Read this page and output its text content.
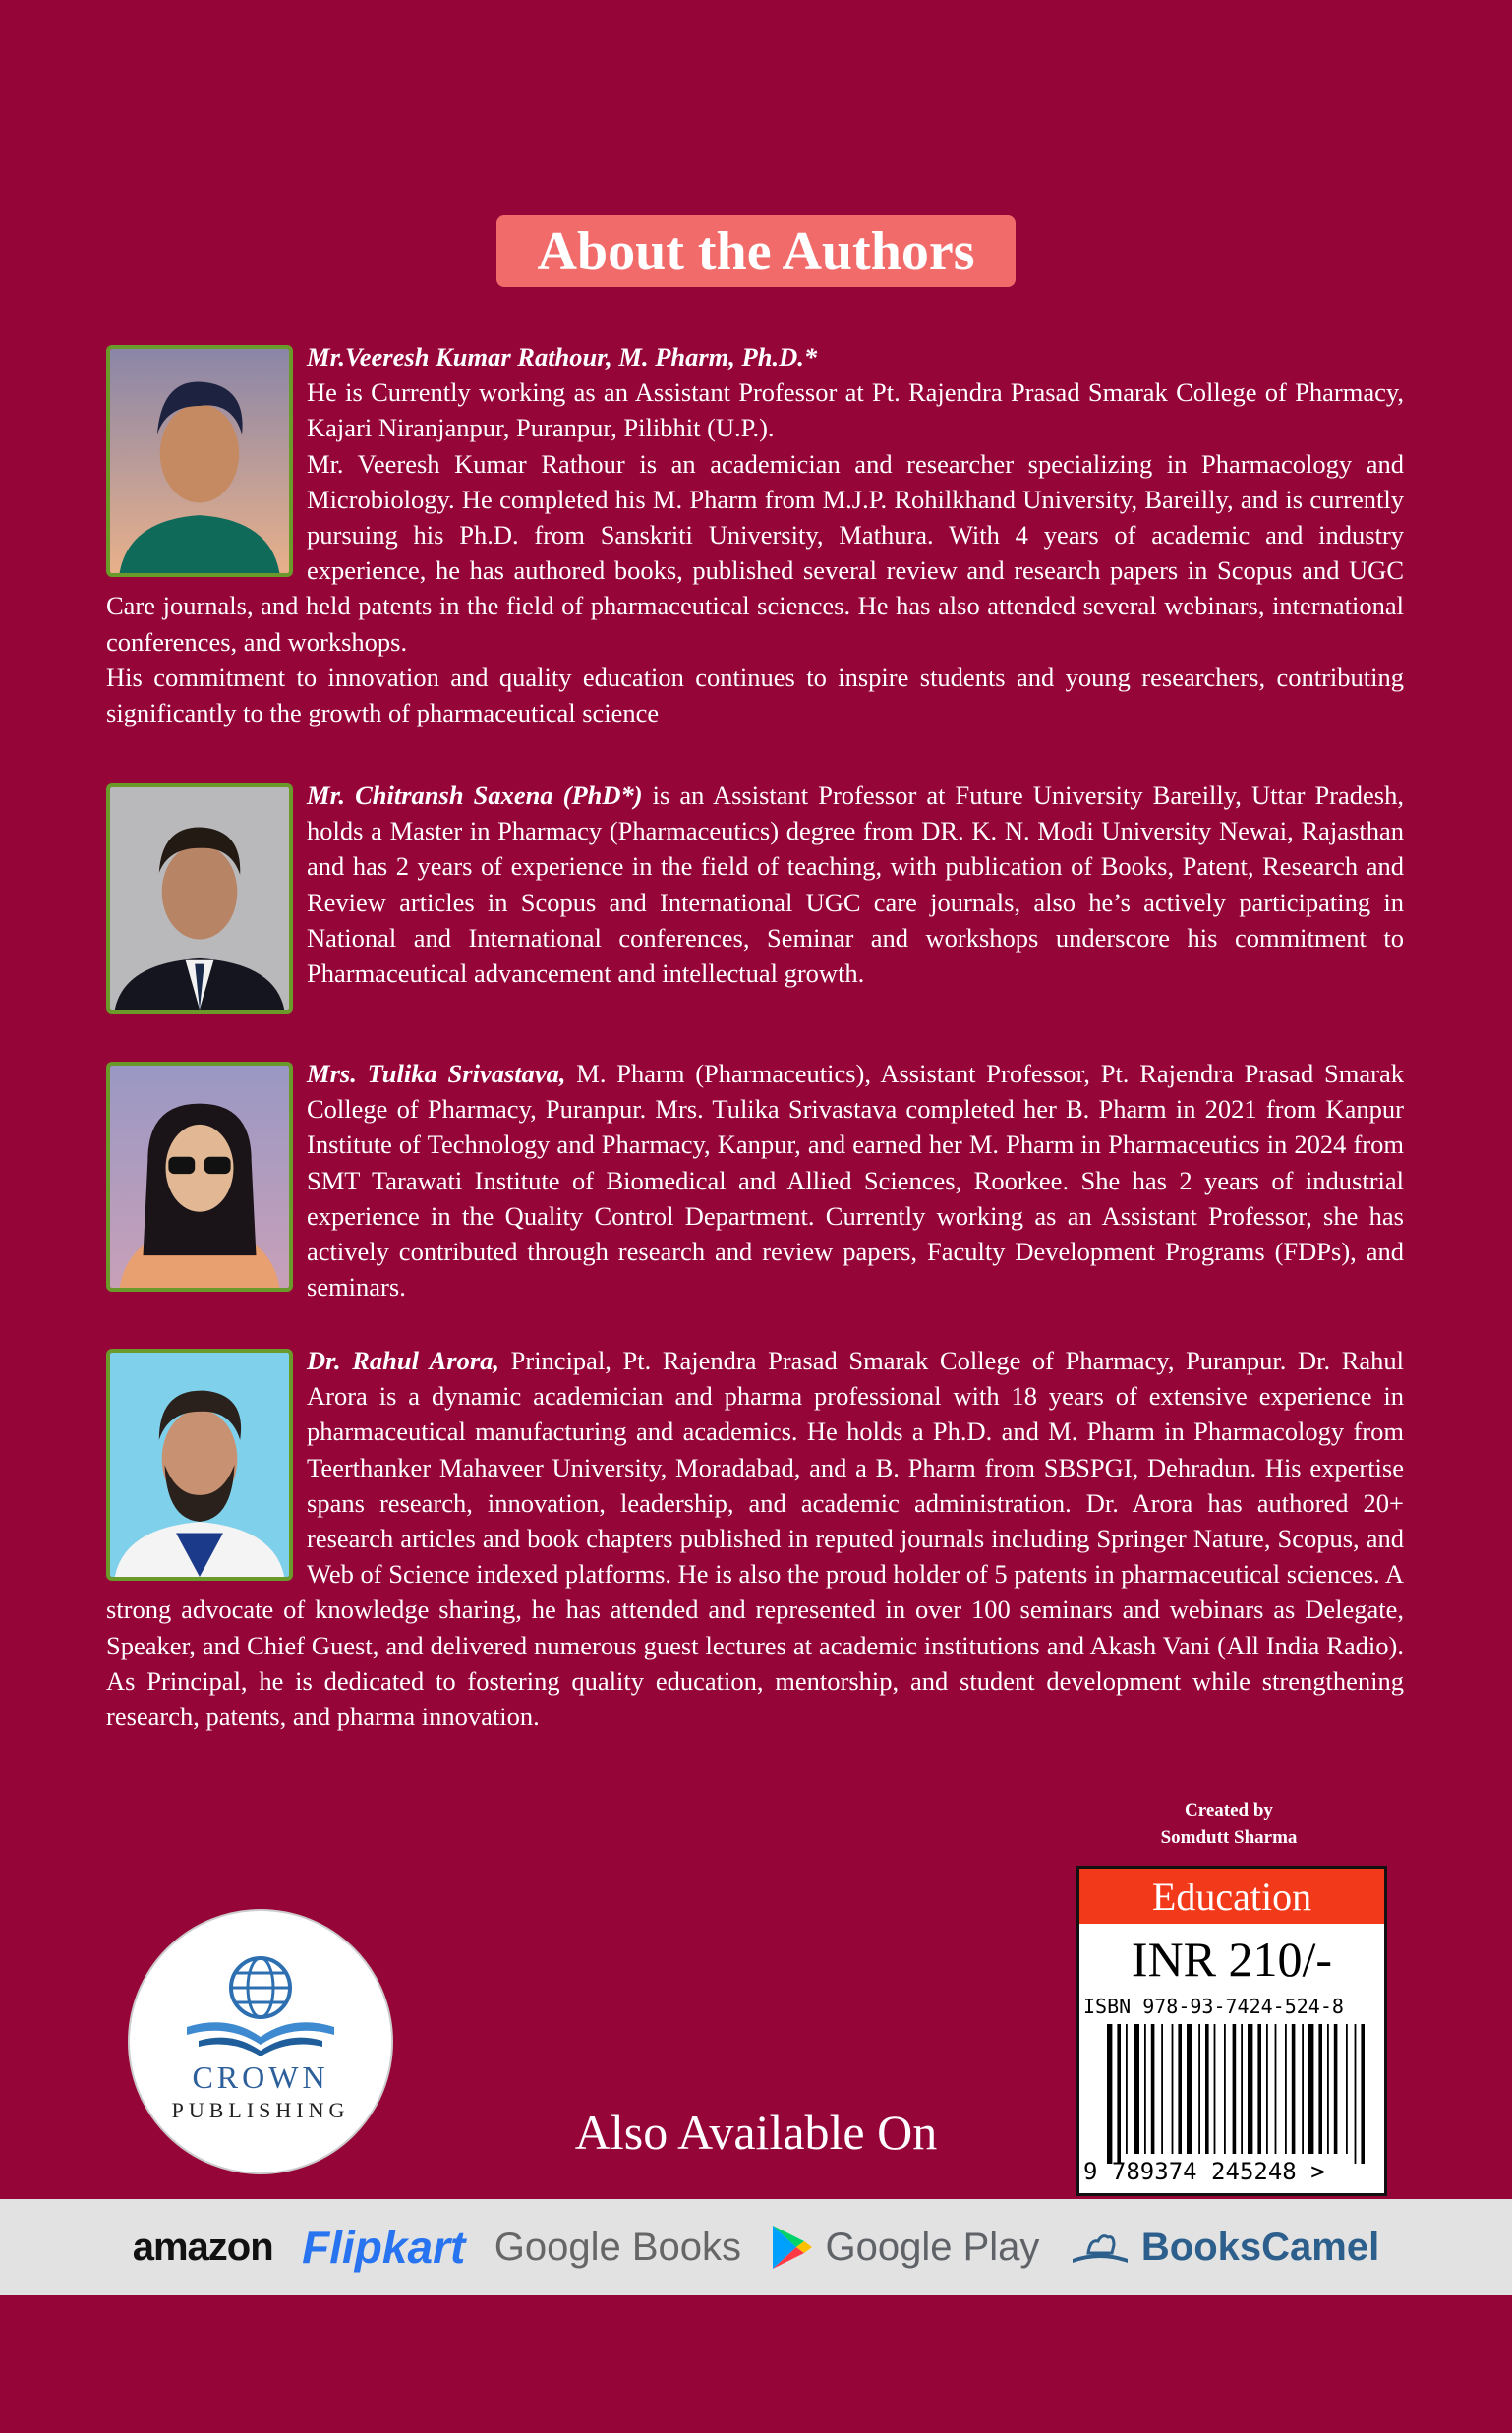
About the Authors

Mr.Veeresh Kumar Rathour, M. Pharm, Ph.D.*

He is Currently working as an Assistant Professor at Pt. Rajendra Prasad Smarak College of Pharmacy, Kajari Niranjanpur, Puranpur, Pilibhit (U.P.).

Mr. Veeresh Kumar Rathour is an academician and researcher specializing in Pharmacology and Microbiology. He completed his M. Pharm from M.J.P. Rohilkhand University, Bareilly, and is currently pursuing his Ph.D. from Sanskriti University, Mathura. With 4 years of academic and industry experience, he has authored books, published several review and research papers in Scopus and UGC Care journals, and held patents in the field of pharmaceutical sciences. He has also attended several webinars, international conferences, and workshops.

His commitment to innovation and quality education continues to inspire students and young researchers, contributing significantly to the growth of pharmaceutical science

Mr. Chitransh Saxena (PhD*) is an Assistant Professor at Future University Bareilly, Uttar Pradesh, holds a Master in Pharmacy (Pharmaceutics) degree from DR. K. N. Modi University Newai, Rajasthan and has 2 years of experience in the field of teaching, with publication of Books, Patent, Research and Review articles in Scopus and International UGC care journals, also he’s actively participating in National and International conferences, Seminar and workshops underscore his commitment to Pharmaceutical advancement and intellectual growth.

Mrs. Tulika Srivastava, M. Pharm (Pharmaceutics), Assistant Professor, Pt. Rajendra Prasad Smarak College of Pharmacy, Puranpur. Mrs. Tulika Srivastava completed her B. Pharm in 2021 from Kanpur Institute of Technology and Pharmacy, Kanpur, and earned her M. Pharm in Pharmaceutics in 2024 from SMT Tarawati Institute of Biomedical and Allied Sciences, Roorkee. She has 2 years of industrial experience in the Quality Control Department. Currently working as an Assistant Professor, she has actively contributed through research and review papers, Faculty Development Programs (FDPs), and seminars.

Dr. Rahul Arora, Principal, Pt. Rajendra Prasad Smarak College of Pharmacy, Puranpur. Dr. Rahul Arora is a dynamic academician and pharma professional with 18 years of extensive experience in pharmaceutical manufacturing and academics. He holds a Ph.D. and M. Pharm in Pharmacology from Teerthanker Mahaveer University, Moradabad, and a B. Pharm from SBSPGI, Dehradun. His expertise spans research, innovation, leadership, and academic administration. Dr. Arora has authored 20+ research articles and book chapters published in reputed journals including Springer Nature, Scopus, and Web of Science indexed platforms. He is also the proud holder of 5 patents in pharmaceutical sciences. A strong advocate of knowledge sharing, he has attended and represented in over 100 seminars and webinars as Delegate, Speaker, and Chief Guest, and delivered numerous guest lectures at academic institutions and Akash Vani (All India Radio). As Principal, he is dedicated to fostering quality education, mentorship, and student development while strengthening research, patents, and pharma innovation.

Created by
Somdutt Sharma
Education
INR 210/-
ISBN 978-93-7424-524-8
9 789374 245248 >
CROWN
PUBLISHING	Also Available On
amazon Flipkart Google Books Google Play	BooksCamel
